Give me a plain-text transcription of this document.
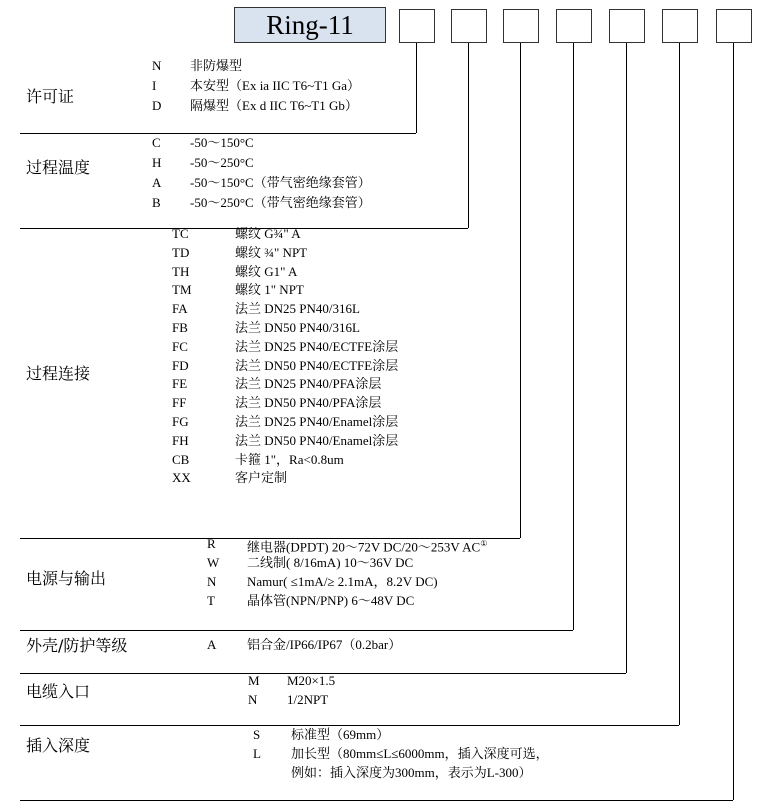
Ring-11
许可证
N 非防爆型
I	本安型（Ex ia IIC T6~T1 Ga）
D 隔爆型（Ex d IIC T6~T1 Gb）
过程温度
C -50～150°C
H -50～250°C
A -50～150°C（带气密绝缘套管）
B -50～250°C（带气密绝缘套管）
过程连接
TC	螺纹 G¾" A
TD	螺纹 ¾" NPT
TH	螺纹 G1" A
TM	螺纹 1" NPT
FA	法兰 DN25 PN40/316L
FB	法兰 DN50 PN40/316L
FC	法兰 DN25 PN40/ECTFE涂层
FD	法兰 DN50 PN40/ECTFE涂层
FE	法兰 DN25 PN40/PFA涂层
FF	法兰 DN50 PN40/PFA涂层
FG	法兰 DN25 PN40/Enamel涂层
FH	法兰 DN50 PN40/Enamel涂层
CB	卡箍 1"，Ra<0.8um
XX	客户定制
电源与输出
R 继电器(DPDT) 20～72V DC/20～253V AC①
W 二线制( 8/16mA) 10～36V DC
N Namur( ≤1mA/≥ 2.1mA，8.2V DC)
T 晶体管(NPN/PNP) 6～48V DC
外壳/防护等级	A 铝合金/IP66/IP67（0.2bar）
电缆入口
M M20×1.5
N 1/2NPT
插入深度
S 标准型（69mm）
L 加长型（80mm≤L≤6000mm，插入深度可选，
例如：插入深度为300mm，表示为L-300）
